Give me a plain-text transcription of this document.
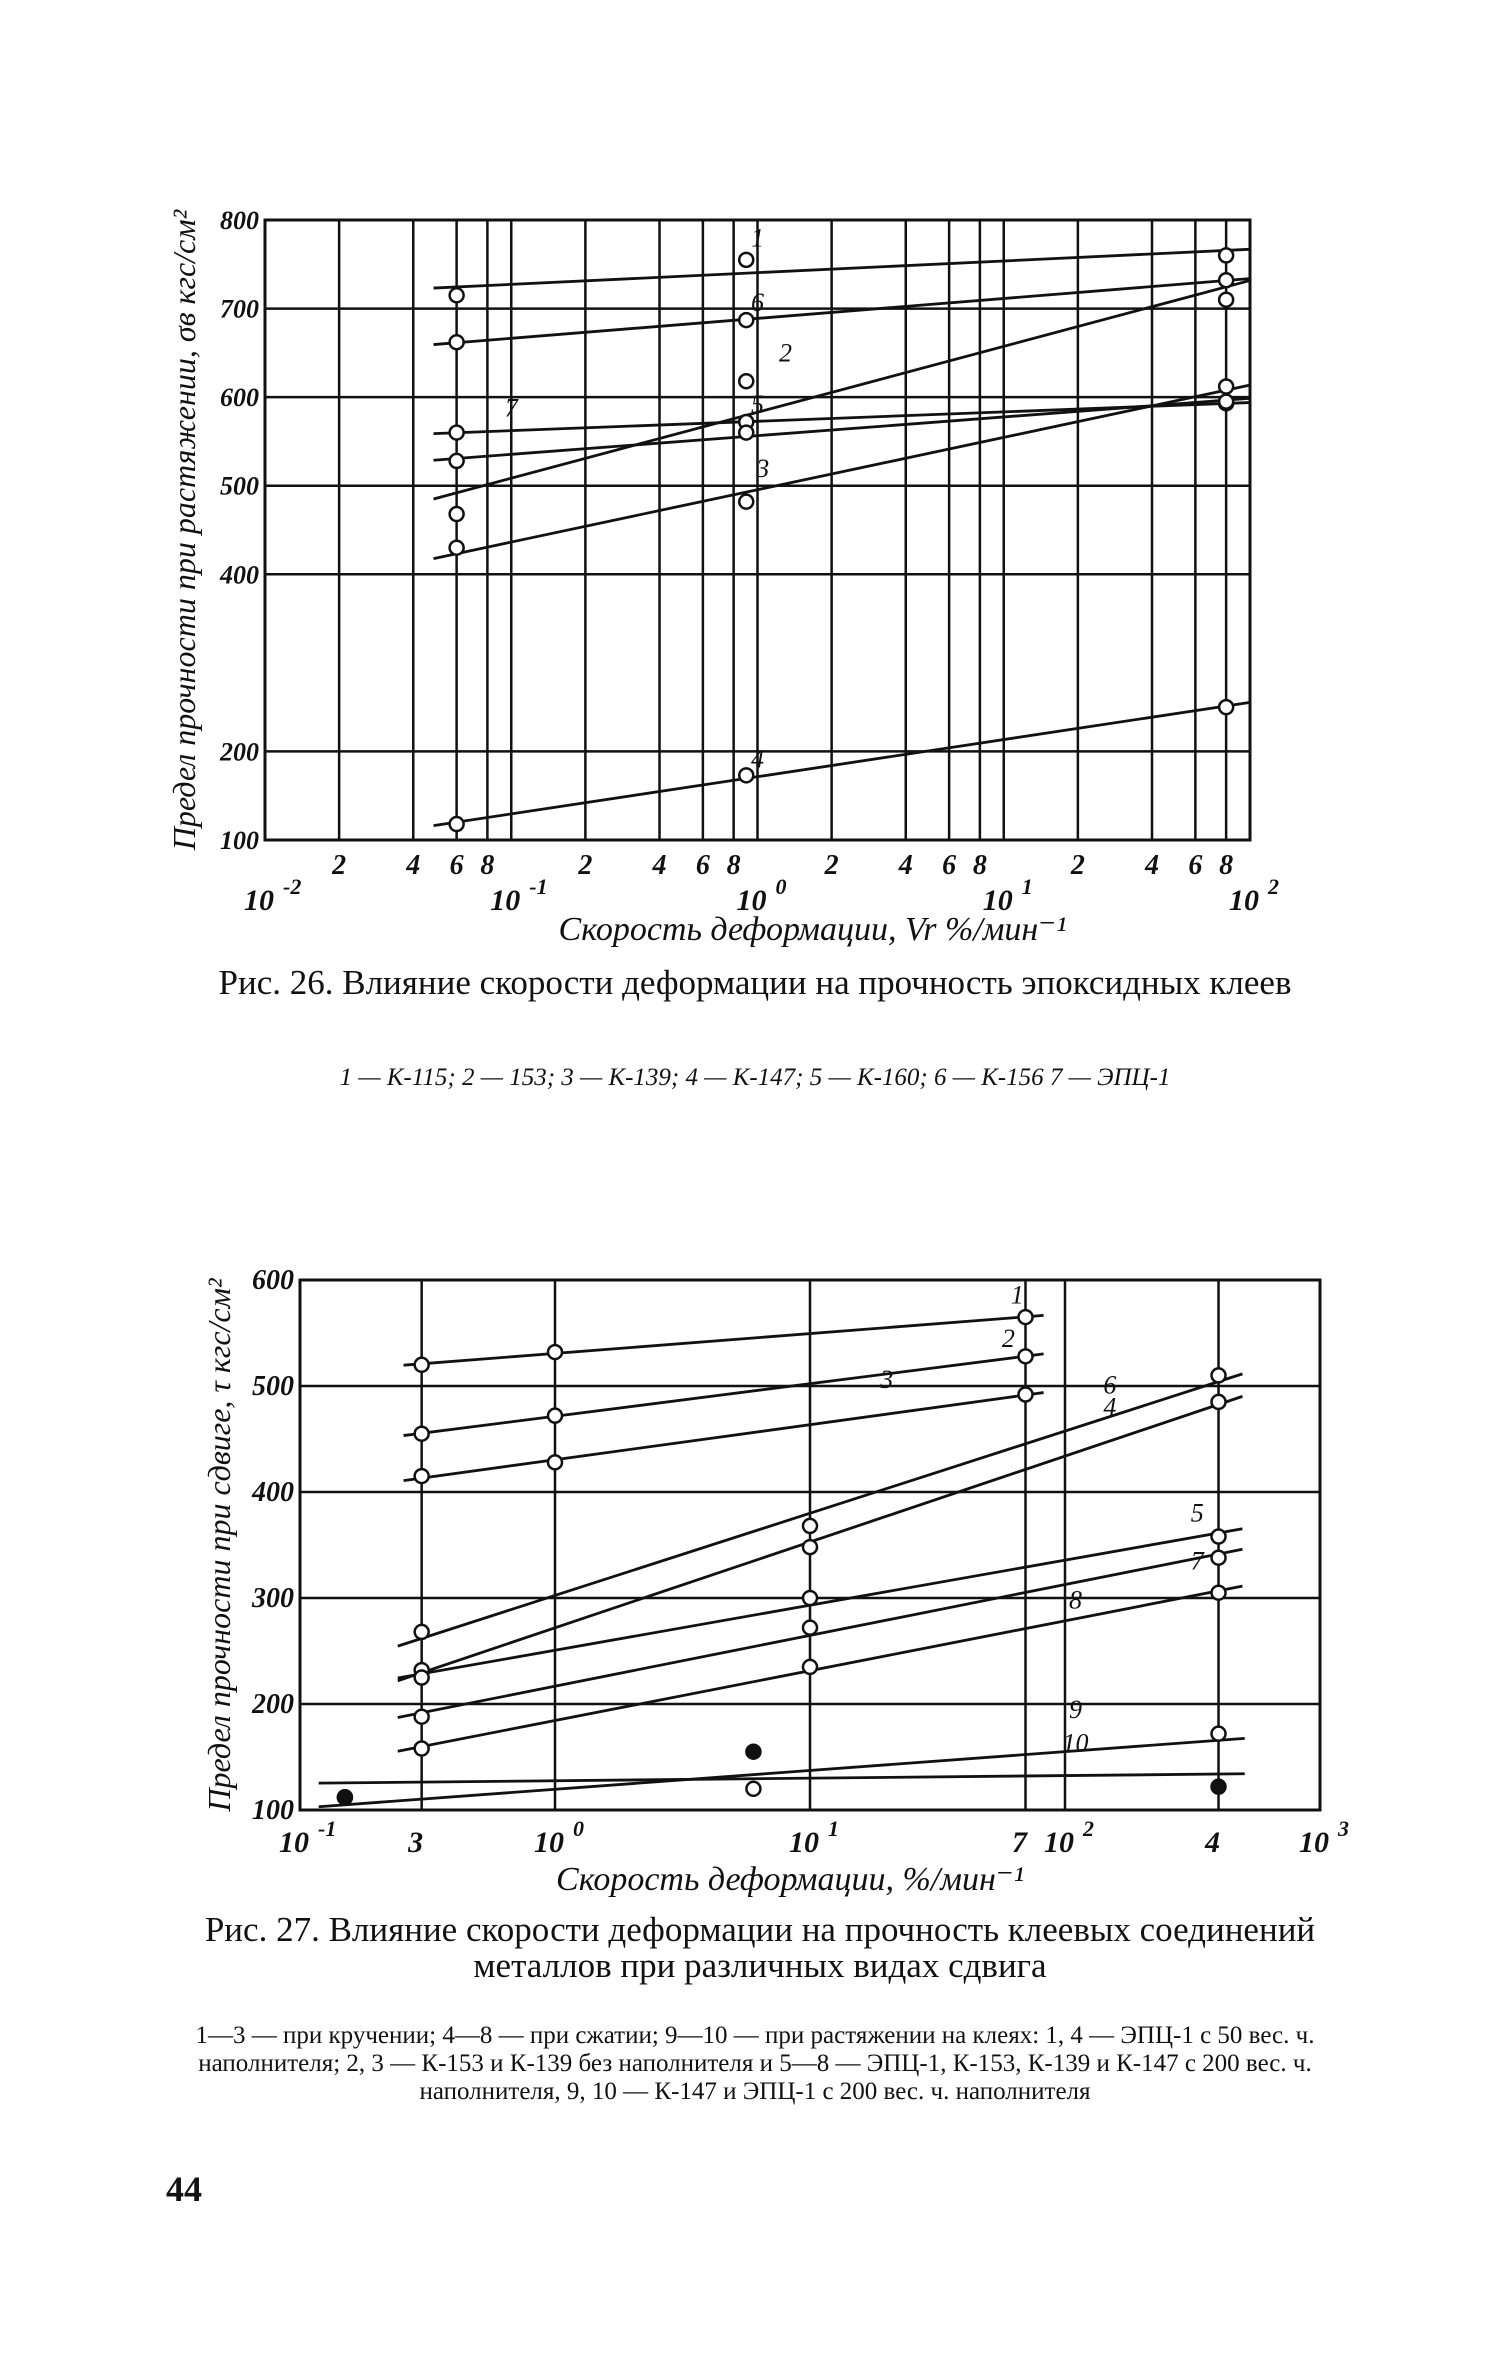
100
200
400
500
600
700
800
2 4 6 8	2 4 6 8	2 4 6 8	2 4 6 8
10 -2	10 -1	10 0	10 1	10 2
1
6
2
5
7
3
4
Предел прочности при растяжении, σв кгс/см²
Скорость деформации, Vr %/мин⁻¹
Рис. 26. Влияние скорости деформации на прочность эпоксидных клеев
1 — К-115; 2 — 153; 3 — К-139; 4 — К-147; 5 — К-160; 6 — К-156 7 — ЭПЦ-1
100
200
300
400
500
600
10 -1 3	10 0	10 1	7 10 2	4	10 3
1
2
3	6
4
5
7
8
9
10
Предел прочности при сдвиге, τ кгс/см²
Скорость деформации, %/мин⁻¹
Рис. 27. Влияние скорости деформации на прочность клеевых соединений металлов при различных видах сдвига
1—3 — при кручении; 4—8 — при сжатии; 9—10 — при растяжении на клеях: 1, 4 — ЭПЦ-1 с 50 вес. ч. наполнителя; 2, 3 — К-153 и К-139 без наполнителя и 5—8 — ЭПЦ-1, К-153, К-139 и К-147 с 200 вес. ч. наполнителя, 9, 10 — К-147 и ЭПЦ-1 с 200 вес. ч. наполнителя
44
